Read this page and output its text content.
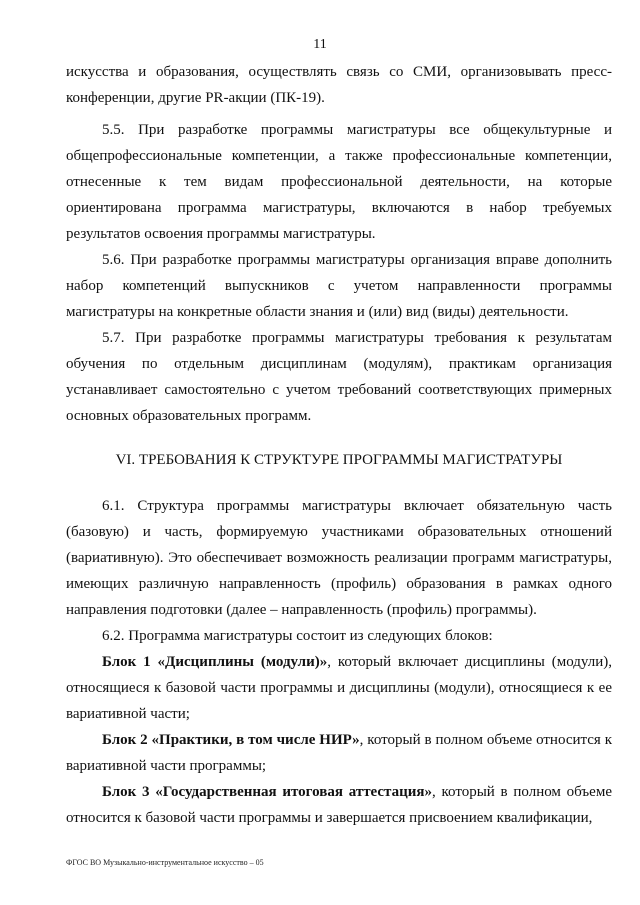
11

искусства и образования, осуществлять связь со СМИ, организовывать пресс-конференции, другие PR-акции (ПК-19).

5.5. При разработке программы магистратуры все общекультурные и общепрофессиональные компетенции, а также профессиональные компетенции, отнесенные к тем видам профессиональной деятельности, на которые ориентирована программа магистратуры, включаются в набор требуемых результатов освоения программы магистратуры.

5.6. При разработке программы магистратуры организация вправе дополнить набор компетенций выпускников с учетом направленности программы магистратуры на конкретные области знания и (или) вид (виды) деятельности.

5.7. При разработке программы магистратуры требования к результатам обучения по отдельным дисциплинам (модулям), практикам организация устанавливает самостоятельно с учетом требований соответствующих примерных основных образовательных программ.

VI. ТРЕБОВАНИЯ К СТРУКТУРЕ ПРОГРАММЫ МАГИСТРАТУРЫ

6.1. Структура программы магистратуры включает обязательную часть (базовую) и часть, формируемую участниками образовательных отношений (вариативную). Это обеспечивает возможность реализации программ магистратуры, имеющих различную направленность (профиль) образования в рамках одного направления подготовки (далее – направленность (профиль) программы).

6.2. Программа магистратуры состоит из следующих блоков:

Блок 1 «Дисциплины (модули)», который включает дисциплины (модули), относящиеся к базовой части программы и дисциплины (модули), относящиеся к ее вариативной части;

Блок 2 «Практики, в том числе НИР», который в полном объеме относится к вариативной части программы;

Блок 3 «Государственная итоговая аттестация», который в полном объеме относится к базовой части программы и завершается присвоением квалификации,

ФГОС ВО Музыкально-инструментальное искусство – 05
